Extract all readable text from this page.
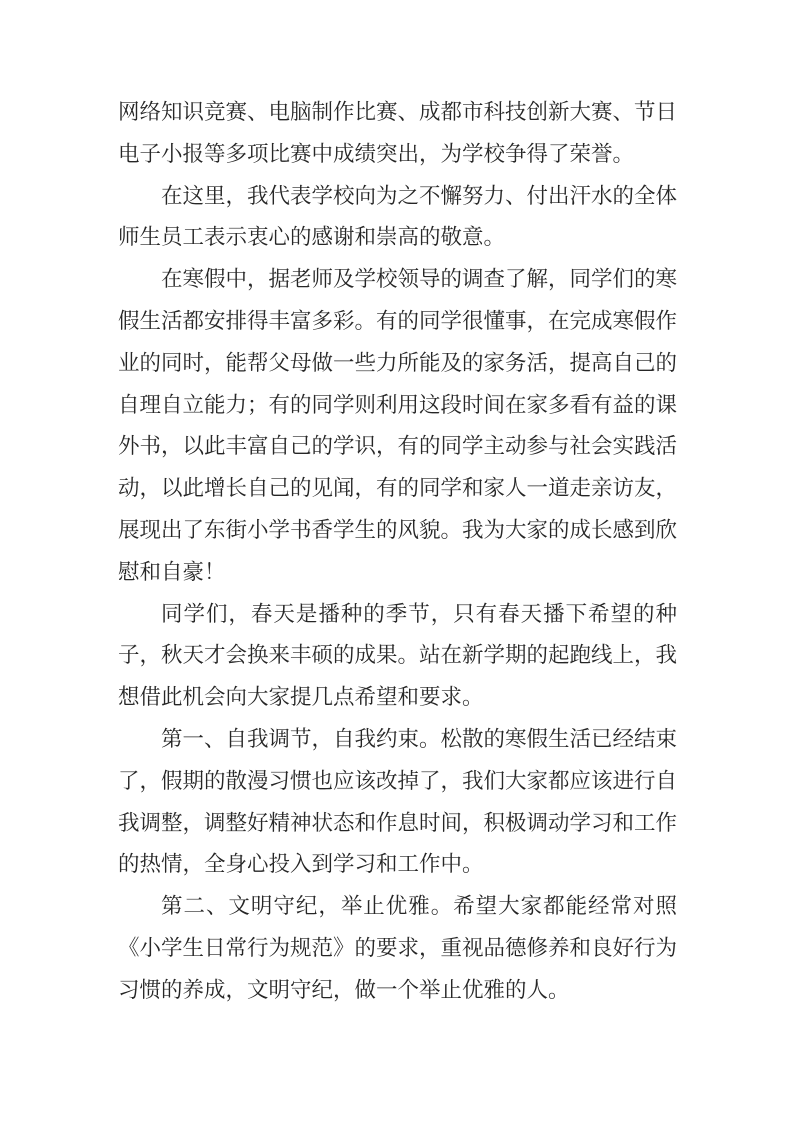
网络知识竞赛、电脑制作比赛、成都市科技创新大赛、节日电子小报等多项比赛中成绩突出，为学校争得了荣誉。

在这里，我代表学校向为之不懈努力、付出汗水的全体师生员工表示衷心的感谢和崇高的敬意。

在寒假中，据老师及学校领导的调查了解，同学们的寒假生活都安排得丰富多彩。有的同学很懂事，在完成寒假作业的同时，能帮父母做一些力所能及的家务活，提高自己的自理自立能力；有的同学则利用这段时间在家多看有益的课外书，以此丰富自己的学识，有的同学主动参与社会实践活动，以此增长自己的见闻，有的同学和家人一道走亲访友，展现出了东街小学书香学生的风貌。我为大家的成长感到欣慰和自豪！

同学们，春天是播种的季节，只有春天播下希望的种子，秋天才会换来丰硕的成果。站在新学期的起跑线上，我想借此机会向大家提几点希望和要求。

第一、自我调节，自我约束。松散的寒假生活已经结束了，假期的散漫习惯也应该改掉了，我们大家都应该进行自我调整，调整好精神状态和作息时间，积极调动学习和工作的热情，全身心投入到学习和工作中。

第二、文明守纪，举止优雅。希望大家都能经常对照《小学生日常行为规范》的要求，重视品德修养和良好行为习惯的养成，文明守纪，做一个举止优雅的人。
